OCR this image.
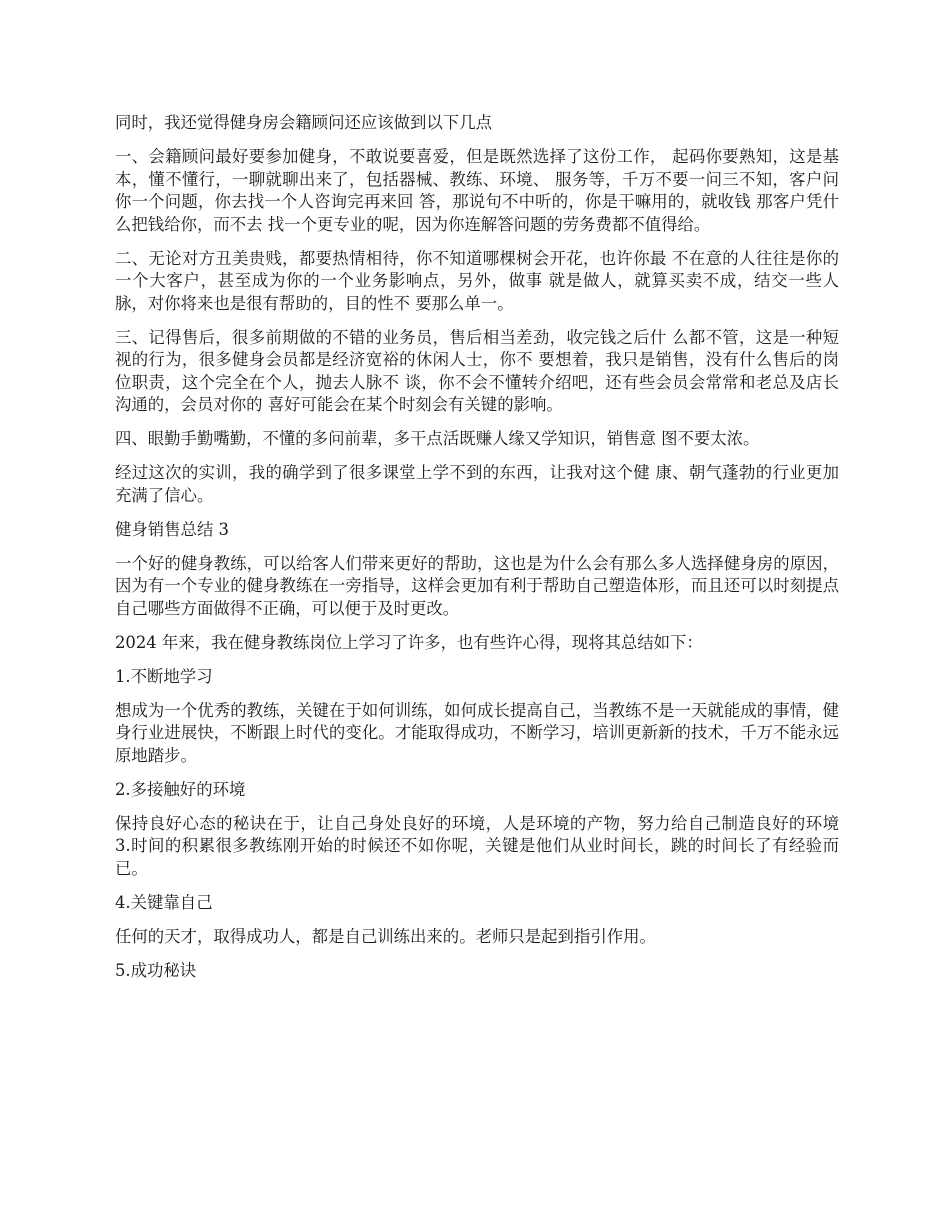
同时，我还觉得健身房会籍顾问还应该做到以下几点

一、会籍顾问最好要参加健身，不敢说要喜爱，但是既然选择了这份工作， 起码你要熟知，这是基本，懂不懂行，一聊就聊出来了，包括器械、教练、环境、 服务等，千万不要一问三不知，客户问你一个问题，你去找一个人咨询完再来回 答，那说句不中听的，你是干嘛用的，就收钱 那客户凭什么把钱给你，而不去 找一个更专业的呢，因为你连解答问题的劳务费都不值得给。

二、无论对方丑美贵贱，都要热情相待，你不知道哪棵树会开花，也许你最 不在意的人往往是你的一个大客户，甚至成为你的一个业务影响点，另外，做事 就是做人，就算买卖不成，结交一些人脉，对你将来也是很有帮助的，目的性不 要那么单一。

三、记得售后，很多前期做的不错的业务员，售后相当差劲，收完钱之后什 么都不管，这是一种短视的行为，很多健身会员都是经济宽裕的休闲人士，你不 要想着，我只是销售，没有什么售后的岗位职责，这个完全在个人，抛去人脉不 谈，你不会不懂转介绍吧，还有些会员会常常和老总及店长沟通的，会员对你的 喜好可能会在某个时刻会有关键的影响。

四、眼勤手勤嘴勤，不懂的多问前辈，多干点活既赚人缘又学知识，销售意 图不要太浓。

经过这次的实训，我的确学到了很多课堂上学不到的东西，让我对这个健 康、朝气蓬勃的行业更加充满了信心。

健身销售总结 3

一个好的健身教练，可以给客人们带来更好的帮助，这也是为什么会有那么多人选择健身房的原因，因为有一个专业的健身教练在一旁指导，这样会更加有利于帮助自己塑造体形，而且还可以时刻提点自己哪些方面做得不正确，可以便于及时更改。

2024 年来，我在健身教练岗位上学习了许多，也有些许心得，现将其总结如下：

1.不断地学习

想成为一个优秀的教练，关键在于如何训练，如何成长提高自己，当教练不是一天就能成的事情，健身行业进展快，不断跟上时代的变化。才能取得成功，不断学习，培训更新新的技术，千万不能永远原地踏步。

2.多接触好的环境

保持良好心态的秘诀在于，让自己身处良好的环境，人是环境的产物，努力给自己制造良好的环境 3.时间的积累很多教练刚开始的时候还不如你呢，关键是他们从业时间长，跳的时间长了有经验而已。

4.关键靠自己

任何的天才，取得成功人，都是自己训练出来的。老师只是起到指引作用。

5.成功秘诀
